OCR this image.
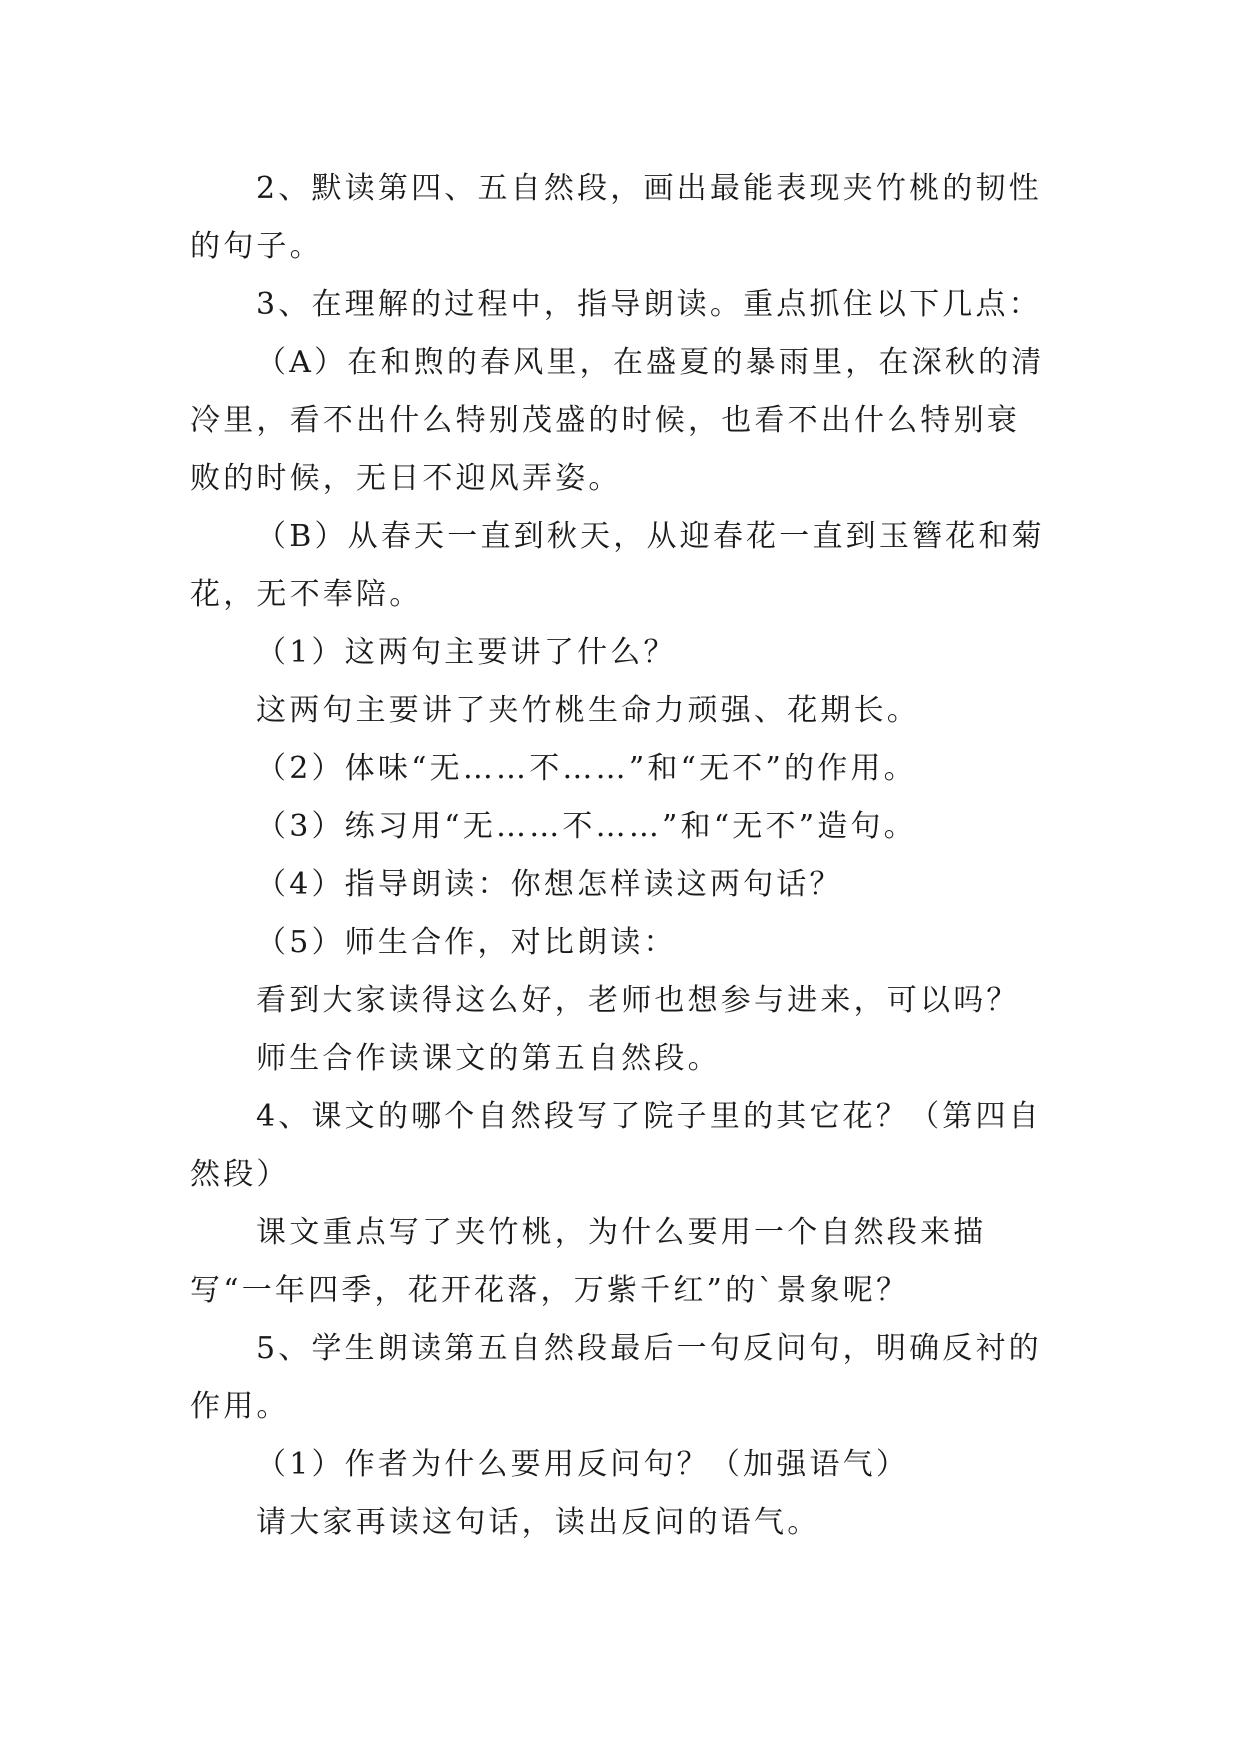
2、默读第四、五自然段，画出最能表现夹竹桃的韧性的句子。

3、在理解的过程中，指导朗读。重点抓住以下几点：

（A）在和煦的春风里，在盛夏的暴雨里，在深秋的清冷里，看不出什么特别茂盛的时候，也看不出什么特别衰败的时候，无日不迎风弄姿。

（B）从春天一直到秋天，从迎春花一直到玉簪花和菊花，无不奉陪。

（1）这两句主要讲了什么？

这两句主要讲了夹竹桃生命力顽强、花期长。

（2）体味“无……不……”和“无不”的作用。

（3）练习用“无……不……”和“无不”造句。

（4）指导朗读：你想怎样读这两句话？

（5）师生合作，对比朗读：

看到大家读得这么好，老师也想参与进来，可以吗？

师生合作读课文的第五自然段。

4、课文的哪个自然段写了院子里的其它花？（第四自然段）

课文重点写了夹竹桃，为什么要用一个自然段来描写“一年四季，花开花落，万紫千红”的`景象呢？

5、学生朗读第五自然段最后一句反问句，明确反衬的作用。

（1）作者为什么要用反问句？（加强语气）

请大家再读这句话，读出反问的语气。
